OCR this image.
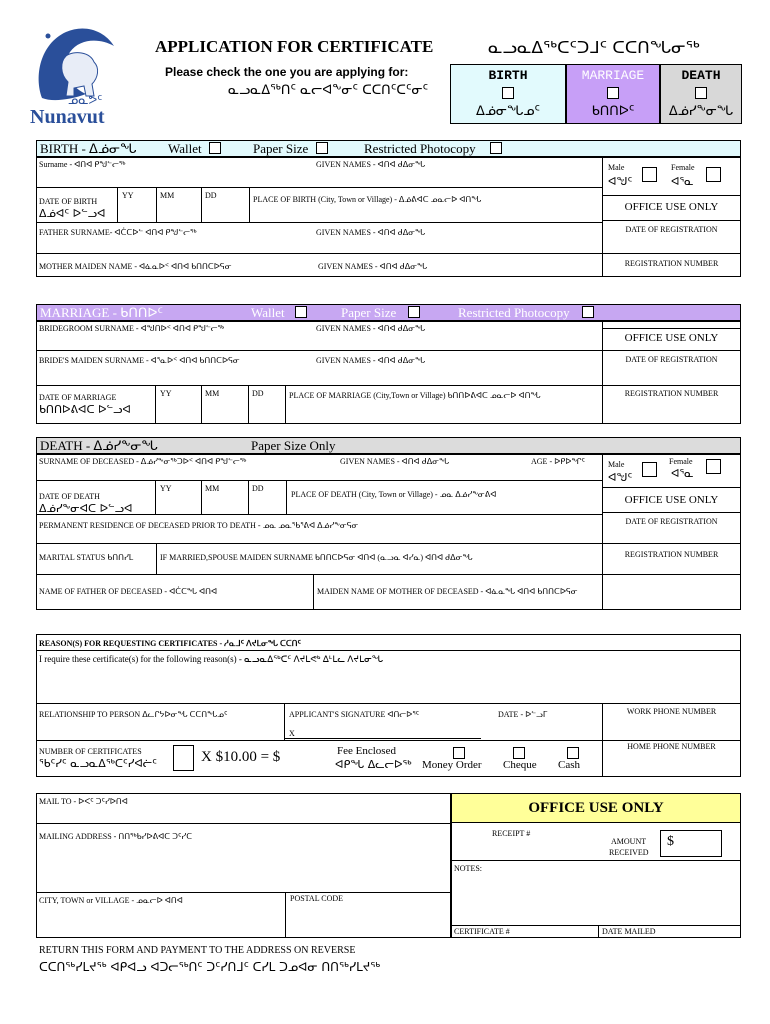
ᓄᓇᕗᑦ
Nunavut
APPLICATION FOR CERTIFICATE	ᓇᓗᓇᐃᖅᑕᑦᑐᒧᑦ ᑕᑕᑎᖓᓂᖅ
Please check the one you are applying for:
ᓇᓗᓇᐃᖅᑎᑦ ᓇᓕᐊᖕᓂᑦ ᑕᑕᑎᑦᑕᑦᓂᑦ
BIRTH
ᐃᓅᓂᖓᓄᑦ
MARRIAGE
ᑲᑎᑎᐅᑦ
DEATH
ᐃᓅᓯᖕᓂᖓ
BIRTH - ᐃᓅᓂᖓ Wallet	Paper Size	Restricted Photocopy
Surname - ᐊᑎᐊ ᑭᖑᓪᓕᖅ	GIVEN NAMES - ᐊᑎᐊ ᑯᐃᓂᖓ	Male
ᐊᖑᑦ
Female
ᐊᕐᓇ
DATE OF BIRTH
ᐃᓅᐊᑦ ᐅᓪᓗᐊ
YY	MM	DD	PLACE OF BIRTH (City, Town or Village) - ᐃᓅᕕᐊᑕ ᓄᓇᓕᐅ ᐊᑎᖓ
OFFICE USE ONLY
DATE OF REGISTRATION
REGISTRATION NUMBER
FATHER SURNAME- ᐊᑖᑕᐅᓪ ᐊᑎᐊ ᑭᖑᓪᓕᖅ	GIVEN NAMES - ᐊᑎᐊ ᑯᐃᓂᖓ
MOTHER MAIDEN NAME - ᐊᓈᓇᐅᑉ ᐊᑎᐊ ᑲᑎᑎᑕᐅᕋᓂ	GIVEN NAMES - ᐊᑎᐊ ᑯᐃᓂᖓ
MARRIAGE - ᑲᑎᑎᐅᑦ	Wallet	Paper Size	Restricted Photocopy
BRIDEGROOM SURNAME - ᐊᖑᑎᐅᑉ ᐊᑎᐊ ᑭᖑᓪᓕᖅ	GIVEN NAMES - ᐊᑎᐊ ᑯᐃᓂᖓ
OFFICE USE ONLY
BRIDE'S MAIDEN SURNAME - ᐊᕐᓇᐅᑉ ᐊᑎᐊ ᑲᑎᑎᑕᐅᕋᓂ	GIVEN NAMES - ᐊᑎᐊ ᑯᐃᓂᖓ	DATE OF REGISTRATION
DATE OF MARRIAGE
ᑲᑎᑎᐅᕕᐊᑕ ᐅᓪᓗᐊ
YY	MM	DD	PLACE OF MARRIAGE (City,Town or Village) ᑲᑎᑎᐅᕕᐊᑕ ᓄᓇᓕᐅ ᐊᑎᖓ	REGISTRATION NUMBER
DEATH - ᐃᓅᓯᖕᓂᖓ	Paper Size Only
SURNAME OF DECEASED - ᐃᓅᓯᖕᓂᖅᑐᐅᑉ ᐊᑎᐊ ᑭᖑᓪᓕᖅ	GIVEN NAMES - ᐊᑎᐊ ᑯᐃᓂᖓ	AGE - ᐅᑭᐅᖏᑦ	Male
ᐊᖑᑦ
Female
ᐊᕐᓇ
DATE OF DEATH
ᐃᓅᓯᖕᓂᐊᑕ ᐅᓪᓗᐊ
YY	MM	DD
PLACE OF DEATH (City, Town or Village) - ᓄᓇ ᐃᓅᓯᖕᓂᕕᐊ	OFFICE USE ONLY
PERMANENT RESIDENCE OF DECEASED PRIOR TO DEATH - ᓄᓇ ᓄᓇᖃᕐᕕᐊ ᐃᓅᓯᖕᓂᕋᓂ	DATE OF REGISTRATION
MARITAL STATUS ᑲᑎᑎᓯᒪ	IF MARRIED,SPOUSE MAIDEN SURNAME ᑲᑎᑎᑕᐅᕋᓂ ᐊᑎᐊ (ᓇᓗᓇ ᐊᓯᓇ) ᐊᑎᐊ ᑯᐃᓂᖓ	REGISTRATION NUMBER
NAME OF FATHER OF DECEASED - ᐊᑖᑕᖓ ᐊᑎᐊ	MAIDEN NAME OF MOTHER OF DECEASED - ᐊᓈᓇᖓ ᐊᑎᐊ ᑲᑎᑎᑕᐅᕋᓂ
REASON(S) FOR REQUESTING CERTIFICATES - ᓱᓇᒧᑦ ᐱᔪᒪᓂᖓ ᑕᑕᑎᑦ
I require these certificate(s) for the following reason(s) - ᓇᓗᓇᐃᖅᑕᑦ ᐱᔪᒪᕙᒃ ᐃᒻᒪᓚ ᐱᔪᒪᓂᖓ
RELATIONSHIP TO PERSON ᐃᓚᒋᔭᐅᓂᖓ ᑕᑕᑎᖓᓄᑦ	APPLICANT'S SIGNATURE ᐊᑎᓕᐅᕐᑦ
X
DATE - ᐅᓪᓗᒥ	WORK PHONE NUMBER
HOME PHONE NUMBER
NUMBER OF CERTIFICATES
ᖃᑦᓯᑦ ᓇᓗᓇᐃᖅᑕᑦᓯᐊᓖᑦ	X $10.00 = $	Fee Enclosed
ᐊᑭᖓ ᐃᓚᓕᐅᖅ Money Order Cheque Cash
MAIL TO - ᐅᐸᑦ ᑐᑦᓯᐅᑎᐊ
MAILING ADDRESS - ᑎᑎᖅᑲᓯᐅᕕᐊᑕ ᑐᑦᓯᑕ
CITY, TOWN or VILLAGE - ᓄᓇᓕᐅ ᐊᑎᐊ	POSTAL CODE
OFFICE USE ONLY
RECEIPT #
AMOUNT
RECEIVED
$
NOTES:
CERTIFICATE #	DATE MAILED
RETURN THIS FORM AND PAYMENT TO THE ADDRESS ON REVERSE
ᑕᑕᑎᖅᓯᒪᔪᖅ ᐊᑭᐊᓗ ᐊᑐᓕᖅᑎᑦ ᑐᑦᓯᑎᒧᑦ ᑕᓯᒪ ᑐᓄᐊᓂ ᑎᑎᖅᓯᒪᔪᖅ
